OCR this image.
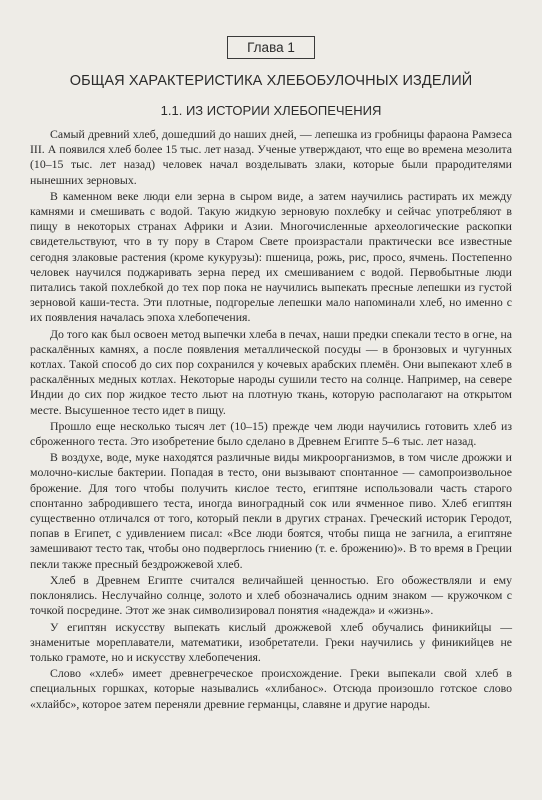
Глава 1
ОБЩАЯ ХАРАКТЕРИСТИКА ХЛЕБОБУЛОЧНЫХ ИЗДЕЛИЙ
1.1. ИЗ ИСТОРИИ ХЛЕБОПЕЧЕНИЯ

Самый древний хлеб, дошедший до наших дней, — лепешка из гробницы фараона Рамзеса III. А появился хлеб более 15 тыс. лет назад. Ученые утверждают, что еще во времена мезолита (10–15 тыс. лет назад) человек начал возделывать злаки, которые были прародителями нынешних зерновых.

В каменном веке люди ели зерна в сыром виде, а затем научились растирать их между камнями и смешивать с водой. Такую жидкую зерновую похлебку и сейчас употребляют в пищу в некоторых странах Африки и Азии. Многочисленные археологические раскопки свидетельствуют, что в ту пору в Старом Свете произрастали практически все известные сегодня злаковые растения (кроме кукурузы): пшеница, рожь, рис, просо, ячмень. Постепенно человек научился поджаривать зерна перед их смешиванием с водой. Первобытные люди питались такой похлебкой до тех пор пока не научились выпекать пресные лепешки из густой зерновой каши-теста. Эти плотные, подгорелые лепешки мало напоминали хлеб, но именно с их появления началась эпоха хлебопечения.

До того как был освоен метод выпечки хлеба в печах, наши предки спекали тесто в огне, на раскалённых камнях, а после появления металлической посуды — в бронзовых и чугунных котлах. Такой способ до сих пор сохранился у кочевых арабских племён. Они выпекают хлеб в раскалённых медных котлах. Некоторые народы сушили тесто на солнце. Например, на севере Индии до сих пор жидкое тесто льют на плотную ткань, которую располагают на открытом месте. Высушенное тесто идет в пищу.

Прошло еще несколько тысяч лет (10–15) прежде чем люди научились готовить хлеб из сброженного теста. Это изобретение было сделано в Древнем Египте 5–6 тыс. лет назад.

В воздухе, воде, муке находятся различные виды микроорганизмов, в том числе дрожжи и молочно-кислые бактерии. Попадая в тесто, они вызывают спонтанное — самопроизвольное брожение. Для того чтобы получить кислое тесто, египтяне использовали часть старого спонтанно забродившего теста, иногда виноградный сок или ячменное пиво. Хлеб египтян существенно отличался от того, который пекли в других странах. Греческий историк Геродот, попав в Египет, с удивлением писал: «Все люди боятся, чтобы пища не загнила, а египтяне замешивают тесто так, чтобы оно подверглось гниению (т. е. брожению)». В то время в Греции пекли также пресный бездрожжевой хлеб.

Хлеб в Древнем Египте считался величайшей ценностью. Его обожествляли и ему поклонялись. Неслучайно солнце, золото и хлеб обозначались одним знаком — кружочком с точкой посредине. Этот же знак символизировал понятия «надежда» и «жизнь».

У египтян искусству выпекать кислый дрожжевой хлеб обучались финикийцы — знаменитые мореплаватели, математики, изобретатели. Греки научились у финикийцев не только грамоте, но и искусству хлебопечения.

Слово «хлеб» имеет древнегреческое происхождение. Греки выпекали свой хлеб в специальных горшках, которые назывались «хлибанос». Отсюда произошло готское слово «хлайбс», которое затем переняли древние германцы, славяне и другие народы.
